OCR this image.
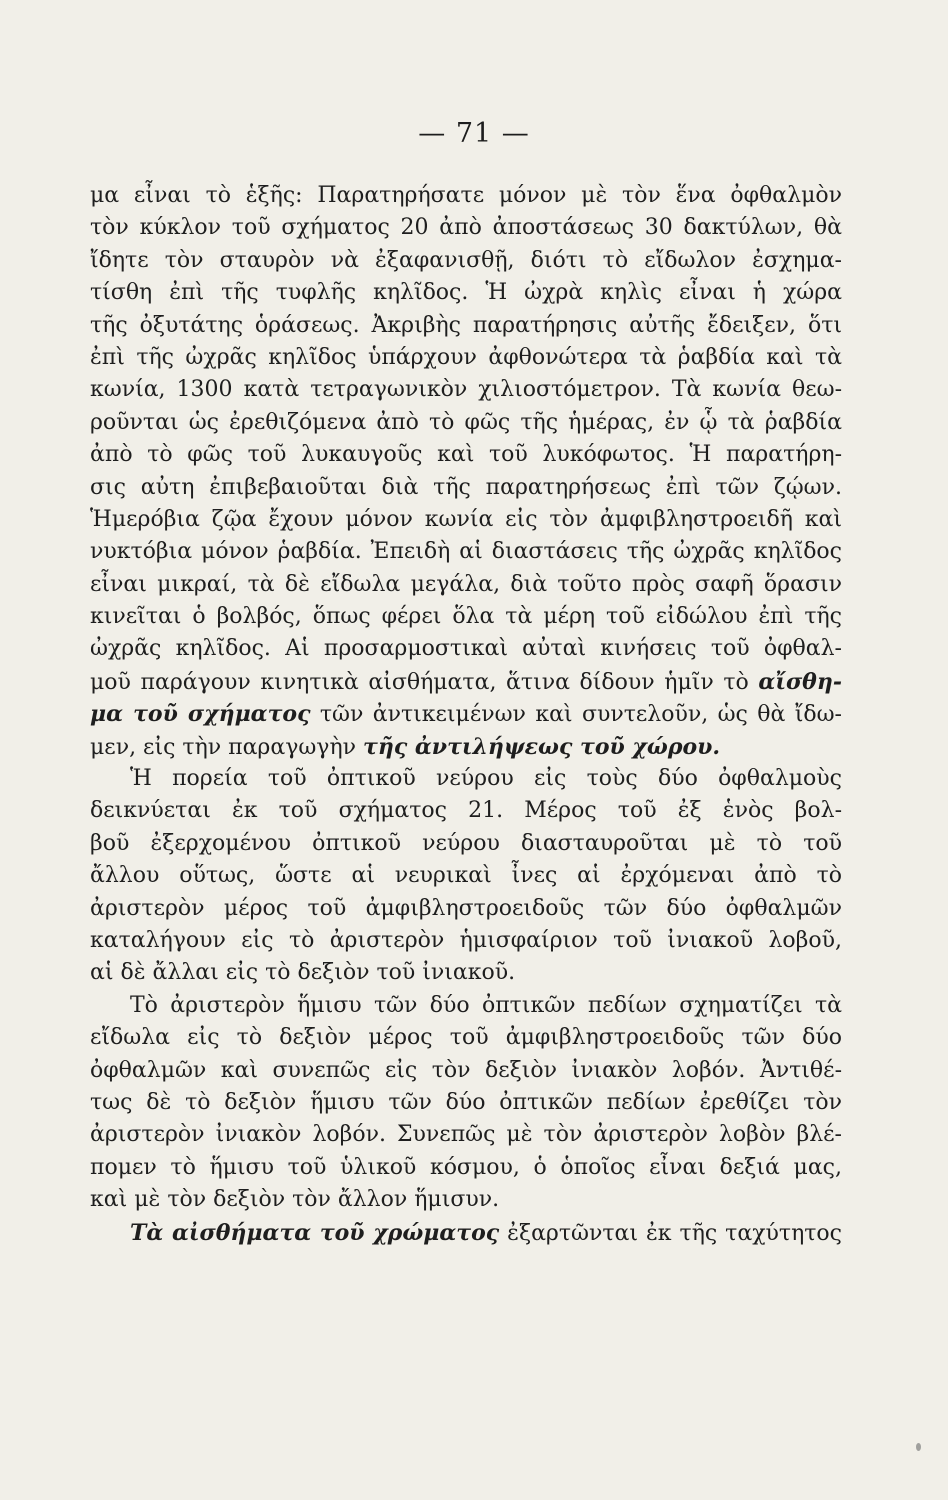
— 71 —
μα εἶναι τὸ ἑξῆς: Παρατηρήσατε μόνον μὲ τὸν ἕνα ὀφθαλμὸν
τὸν κύκλον τοῦ σχήματος 20 ἀπὸ ἀποστάσεως 30 δακτύλων, θὰ
ἴδητε τὸν σταυρὸν νὰ ἐξαφανισθῇ, διότι τὸ εἴδωλον ἐσχημα-
τίσθη ἐπὶ τῆς τυφλῆς κηλῖδος. Ἡ ὠχρὰ κηλὶς εἶναι ἡ χώρα
τῆς ὀξυτάτης ὁράσεως. Ἀκριβὴς παρατήρησις αὐτῆς ἔδειξεν, ὅτι
ἐπὶ τῆς ὠχρᾶς κηλῖδος ὑπάρχουν ἀφθονώτερα τὰ ῥαβδία καὶ τὰ
κωνία, 1300 κατὰ τετραγωνικὸν χιλιοστόμετρον. Τὰ κωνία θεω-
ροῦνται ὡς ἐρεθιζόμενα ἀπὸ τὸ φῶς τῆς ἡμέρας, ἐν ᾧ τὰ ῥαβδία
ἀπὸ τὸ φῶς τοῦ λυκαυγοῦς καὶ τοῦ λυκόφωτος. Ἡ παρατήρη-
σις αὐτη ἐπιβεβαιοῦται διὰ τῆς παρατηρήσεως ἐπὶ τῶν ζῴων.
Ἡμερόβια ζῷα ἔχουν μόνον κωνία εἰς τὸν ἀμφιβληστροειδῆ καὶ
νυκτόβια μόνον ῥαβδία. Ἐπειδὴ αἱ διαστάσεις τῆς ὠχρᾶς κηλῖδος
εἶναι μικραί, τὰ δὲ εἴδωλα μεγάλα, διὰ τοῦτο πρὸς σαφῆ ὅρασιν
κινεῖται ὁ βολβός, ὅπως φέρει ὅλα τὰ μέρη τοῦ εἰδώλου ἐπὶ τῆς
ὠχρᾶς κηλῖδος. Αἱ προσαρμοστικαὶ αὐταὶ κινήσεις τοῦ ὀφθαλ-
μοῦ παράγουν κινητικὰ αἰσθήματα, ἅτινα δίδουν ἡμῖν τὸ αἴσθη-
μα τοῦ σχήματος τῶν ἀντικειμένων καὶ συντελοῦν, ὡς θὰ ἴδω-
μεν, εἰς τὴν παραγωγὴν τῆς ἀντιλήψεως τοῦ χώρου.
Ἡ πορεία τοῦ ὀπτικοῦ νεύρου εἰς τοὺς δύο ὀφθαλμοὺς
δεικνύεται ἐκ τοῦ σχήματος 21. Μέρος τοῦ ἐξ ἑνὸς βολ-
βοῦ ἐξερχομένου ὀπτικοῦ νεύρου διασταυροῦται μὲ τὸ τοῦ
ἄλλου οὕτως, ὥστε αἱ νευρικαὶ ἶνες αἱ ἐρχόμεναι ἀπὸ τὸ
ἀριστερὸν μέρος τοῦ ἀμφιβληστροειδοῦς τῶν δύο ὀφθαλμῶν
καταλήγουν εἰς τὸ ἀριστερὸν ἡμισφαίριον τοῦ ἰνιακοῦ λοβοῦ,
αἱ δὲ ἄλλαι εἰς τὸ δεξιὸν τοῦ ἰνιακοῦ.
Τὸ ἀριστερὸν ἥμισυ τῶν δύο ὀπτικῶν πεδίων σχηματίζει τὰ
εἴδωλα εἰς τὸ δεξιὸν μέρος τοῦ ἀμφιβληστροειδοῦς τῶν δύο
ὀφθαλμῶν καὶ συνεπῶς εἰς τὸν δεξιὸν ἰνιακὸν λοβόν. Ἀντιθέ-
τως δὲ τὸ δεξιὸν ἥμισυ τῶν δύο ὀπτικῶν πεδίων ἐρεθίζει τὸν
ἀριστερὸν ἰνιακὸν λοβόν. Συνεπῶς μὲ τὸν ἀριστερὸν λοβὸν βλέ-
πομεν τὸ ἥμισυ τοῦ ὑλικοῦ κόσμου, ὁ ὁποῖος εἶναι δεξιά μας,
καὶ μὲ τὸν δεξιὸν τὸν ἄλλον ἥμισυν.
Τὰ αἰσθήματα τοῦ χρώματος ἐξαρτῶνται ἐκ τῆς ταχύτητος
